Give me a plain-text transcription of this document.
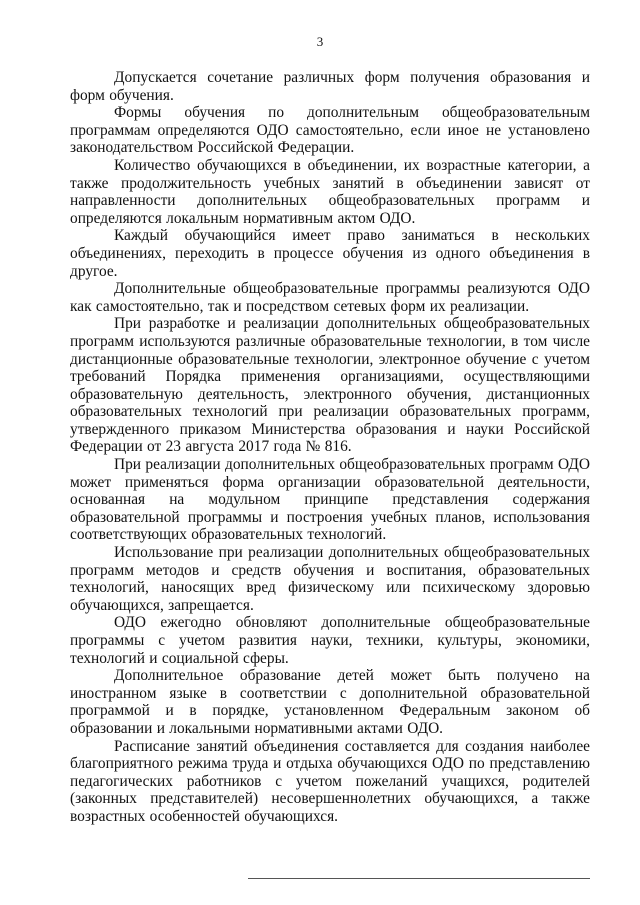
3

Допускается сочетание различных форм получения образования и форм обучения.

Формы обучения по дополнительным общеобразовательным программам определяются ОДО самостоятельно, если иное не установлено законодательством Российской Федерации.

Количество обучающихся в объединении, их возрастные категории, а также продолжительность учебных занятий в объединении зависят от направленности дополнительных общеобразовательных программ и определяются локальным нормативным актом ОДО.

Каждый обучающийся имеет право заниматься в нескольких объединениях, переходить в процессе обучения из одного объединения в другое.

Дополнительные общеобразовательные программы реализуются ОДО как самостоятельно, так и посредством сетевых форм их реализации.

При разработке и реализации дополнительных общеобразовательных программ используются различные образовательные технологии, в том числе дистанционные образовательные технологии, электронное обучение с учетом требований Порядка применения организациями, осуществляющими образовательную деятельность, электронного обучения, дистанционных образовательных технологий при реализации образовательных программ, утвержденного приказом Министерства образования и науки Российской Федерации от 23 августа 2017 года № 816.

При реализации дополнительных общеобразовательных программ ОДО может применяться форма организации образовательной деятельности, основанная на модульном принципе представления содержания образовательной программы и построения учебных планов, использования соответствующих образовательных технологий.

Использование при реализации дополнительных общеобразовательных программ методов и средств обучения и воспитания, образовательных технологий, наносящих вред физическому или психическому здоровью обучающихся, запрещается.

ОДО ежегодно обновляют дополнительные общеобразовательные программы с учетом развития науки, техники, культуры, экономики, технологий и социальной сферы.

Дополнительное образование детей может быть получено на иностранном языке в соответствии с дополнительной образовательной программой и в порядке, установленном Федеральным законом об образовании и локальными нормативными актами ОДО.

Расписание занятий объединения составляется для создания наиболее благоприятного режима труда и отдыха обучающихся ОДО по представлению педагогических работников с учетом пожеланий учащихся, родителей (законных представителей) несовершеннолетних обучающихся, а также возрастных особенностей обучающихся.
